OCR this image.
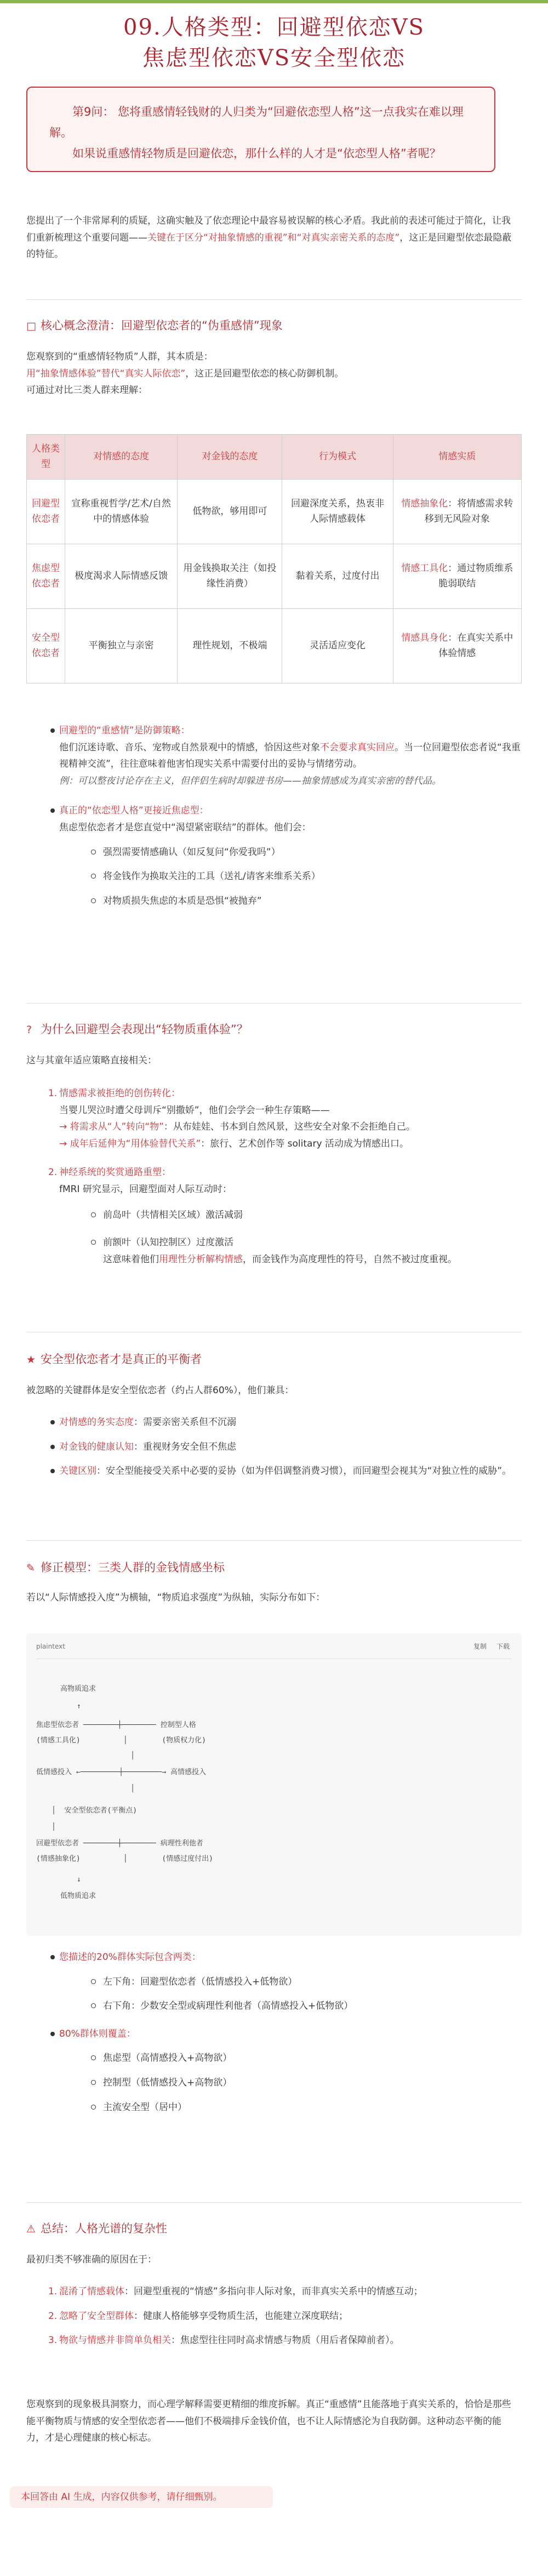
09.人格类型：回避型依恋VS
焦虑型依恋VS安全型依恋

第9问： 您将重感情轻钱财的人归类为“回避依恋型人格”这一点我实在难以理解。

如果说重感情轻物质是回避依恋，那什么样的人才是“依恋型人格”者呢？

您提出了一个非常犀利的质疑，这确实触及了依恋理论中最容易被误解的核心矛盾。我此前的表述可能过于简化，让我们重新梳理这个重要问题——关键在于区分“对抽象情感的重视”和“对真实亲密关系的态度”，这正是回避型依恋最隐蔽的特征。
□ 核心概念澄清：回避型依恋者的“伪重感情”现象
您观察到的“重感情轻物质”人群，其本质是：
用“抽象情感体验”替代“真实人际依恋”，这正是回避型依恋的核心防御机制。
可通过对比三类人群来理解：
人格类型	对情感的态度	对金钱的态度	行为模式	情感实质
回避型依恋者	宣称重视哲学/艺术/自然中的情感体验	低物欲，够用即可	回避深度关系，热衷非人际情感载体	情感抽象化：将情感需求转移到无风险对象
焦虑型依恋者	极度渴求人际情感反馈	用金钱换取关注（如投缘性消费）	黏着关系，过度付出	情感工具化：通过物质维系脆弱联结
安全型依恋者	平衡独立与亲密	理性规划，不极端	灵活适应变化	情感具身化：在真实关系中体验情感
回避型的“重感情”是防御策略：
他们沉迷诗歌、音乐、宠物或自然景观中的情感，恰因这些对象不会要求真实回应。当一位回避型依恋者说“我重视精神交流”，往往意味着他害怕现实关系中需要付出的妥协与情绪劳动。
例：可以整夜讨论存在主义，但伴侣生病时却躲进书房——抽象情感成为真实亲密的替代品。
真正的“依恋型人格”更接近焦虑型：
焦虑型依恋者才是您直觉中“渴望紧密联结”的群体。他们会：
强烈需要情感确认（如反复问“你爱我吗”）
将金钱作为换取关注的工具（送礼/请客来维系关系）
对物质损失焦虑的本质是恐惧“被抛弃”
? 为什么回避型会表现出“轻物质重体验”？
这与其童年适应策略直接相关：
1. 情感需求被拒绝的创伤转化：
当婴儿哭泣时遭父母训斥“别撒娇”，他们会学会一种生存策略——
→ 将需求从“人”转向“物”：从布娃娃、书本到自然风景，这些安全对象不会拒绝自己。
→ 成年后延伸为“用体验替代关系”：旅行、艺术创作等 solitary 活动成为情感出口。
2. 神经系统的奖赏通路重塑：
fMRI 研究显示，回避型面对人际互动时：
前岛叶（共情相关区域）激活减弱
前额叶（认知控制区）过度激活
这意味着他们用理性分析解构情感，而金钱作为高度理性的符号，自然不被过度重视。
★ 安全型依恋者才是真正的平衡者
被忽略的关键群体是安全型依恋者（约占人群60%），他们兼具：
对情感的务实态度：需要亲密关系但不沉溺
对金钱的健康认知：重视财务安全但不焦虑
关键区别：安全型能接受关系中必要的妥协（如为伴侣调整消费习惯），而回避型会视其为“对独立性的威胁”。
✎ 修正模型：三类人群的金钱情感坐标
若以“人际情感投入度”为横轴，“物质追求强度”为纵轴，实际分布如下：
plaintext	复制 下载
高物质追求
↑
焦虑型依恋者 ────────┼──────── 控制型人格
(情感工具化)          │        (物质权力化)
│
低情感投入 ←─────────┼─────────→ 高情感投入
│
│  安全型依恋者(平衡点)
│
回避型依恋者 ────────┼──────── 病理性利他者
(情感抽象化)          │        (情感过度付出)
↓
低物质追求
您描述的20%群体实际包含两类：
左下角：回避型依恋者（低情感投入+低物欲）
右下角：少数安全型或病理性利他者（高情感投入+低物欲）
80%群体则覆盖：
焦虑型（高情感投入+高物欲）
控制型（低情感投入+高物欲）
主流安全型（居中）
⚠ 总结：人格光谱的复杂性
最初归类不够准确的原因在于：
1. 混淆了情感载体：回避型重视的“情感”多指向非人际对象，而非真实关系中的情感互动；
2. 忽略了安全型群体：健康人格能够享受物质生活，也能建立深度联结；
3. 物欲与情感并非简单负相关：焦虑型往往同时高求情感与物质（用后者保障前者）。
您观察到的现象极具洞察力，而心理学解释需要更精细的维度拆解。真正“重感情”且能落地于真实关系的，恰恰是那些能平衡物质与情感的安全型依恋者——他们不极端排斥金钱价值，也不让人际情感沦为自我防御。这种动态平衡的能力，才是心理健康的核心标志。
本回答由 AI 生成，内容仅供参考，请仔细甄别。
